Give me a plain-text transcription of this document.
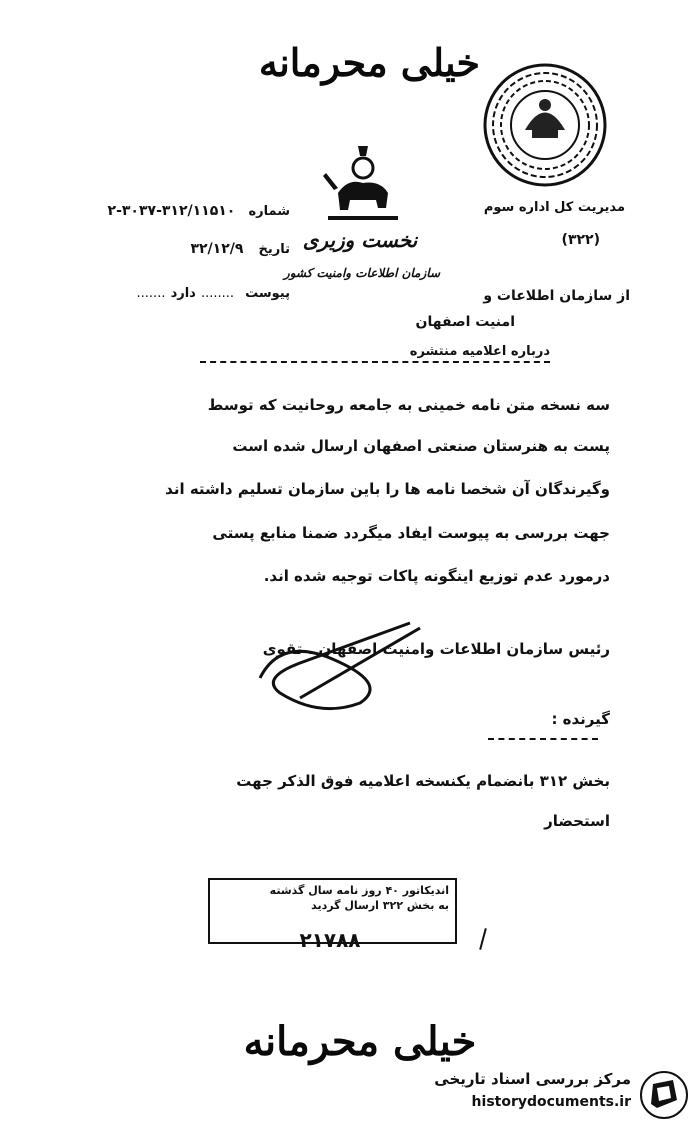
خیلی محرمانه
نخست وزیری
سازمان اطلاعات وامنیت کشور
مدیریت کل اداره سوم
(۳۲۲)
شماره ۳۱۲/۱۱۵۱۰-۳۰۳۷-۲
تاریخ ۳۲/۱۲/۹
پیوست ........ دارد .......	از سازمان اطلاعات و
امنیت اصفهان
درباره اعلامیه منتشره
سه نسخه متن نامه خمینی به جامعه روحانیت که توسط
پست به هنرستان صنعتی اصفهان ارسال شده است
وگیرندگان آن شخصا نامه ها را باین سازمان تسلیم داشته اند
جهت بررسی به پیوست ایفاد میگردد ضمنا منابع پستی
درمورد عدم توزیع اینگونه پاکات توجیه شده اند.
رئیس سازمان اطلاعات وامنیت اصفهان . تقوی
گیرنده :
بخش ۳۱۲ بانضمام یکنسخه اعلامیه فوق الذکر جهت
استحضار
اندیکاتور ۴۰ روز نامه سال گذشته
به بخش ۳۲۲ ارسال گردید
۲۱۷۸۸
خیلی محرمانه
مرکز بررسی اسناد تاریخی
historydocuments.ir
